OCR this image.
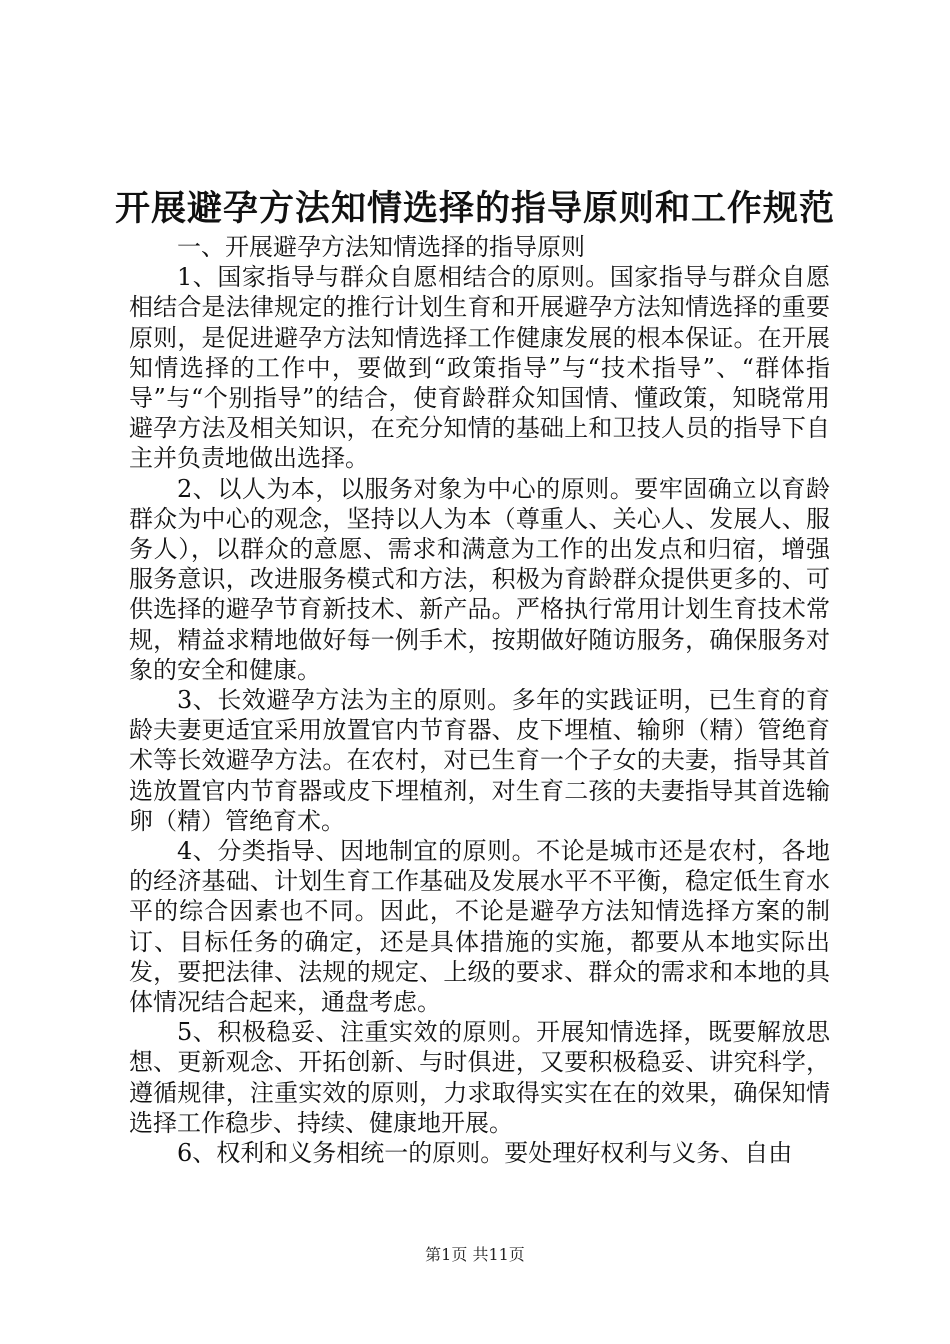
开展避孕方法知情选择的指导原则和工作规范

一、开展避孕方法知情选择的指导原则

1、国家指导与群众自愿相结合的原则。国家指导与群众自愿相结合是法律规定的推行计划生育和开展避孕方法知情选择的重要原则，是促进避孕方法知情选择工作健康发展的根本保证。在开展知情选择的工作中，要做到“政策指导”与“技术指导”、“群体指导”与“个别指导”的结合，使育龄群众知国情、懂政策，知晓常用避孕方法及相关知识，在充分知情的基础上和卫技人员的指导下自主并负责地做出选择。

2、以人为本，以服务对象为中心的原则。要牢固确立以育龄群众为中心的观念，坚持以人为本（尊重人、关心人、发展人、服务人），以群众的意愿、需求和满意为工作的出发点和归宿，增强服务意识，改进服务模式和方法，积极为育龄群众提供更多的、可供选择的避孕节育新技术、新产品。严格执行常用计划生育技术常规，精益求精地做好每一例手术，按期做好随访服务，确保服务对象的安全和健康。

3、长效避孕方法为主的原则。多年的实践证明，已生育的育龄夫妻更适宜采用放置官内节育器、皮下埋植、输卵（精）管绝育术等长效避孕方法。在农村，对已生育一个子女的夫妻，指导其首选放置官内节育器或皮下埋植剂，对生育二孩的夫妻指导其首选输卵（精）管绝育术。

4、分类指导、因地制宜的原则。不论是城市还是农村，各地的经济基础、计划生育工作基础及发展水平不平衡，稳定低生育水平的综合因素也不同。因此，不论是避孕方法知情选择方案的制订、目标任务的确定，还是具体措施的实施，都要从本地实际出发，要把法律、法规的规定、上级的要求、群众的需求和本地的具体情况结合起来，通盘考虑。

5、积极稳妥、注重实效的原则。开展知情选择，既要解放思想、更新观念、开拓创新、与时俱进，又要积极稳妥、讲究科学，遵循规律，注重实效的原则，力求取得实实在在的效果，确保知情选择工作稳步、持续、健康地开展。

6、权利和义务相统一的原则。要处理好权利与义务、自由

第1页 共11页
